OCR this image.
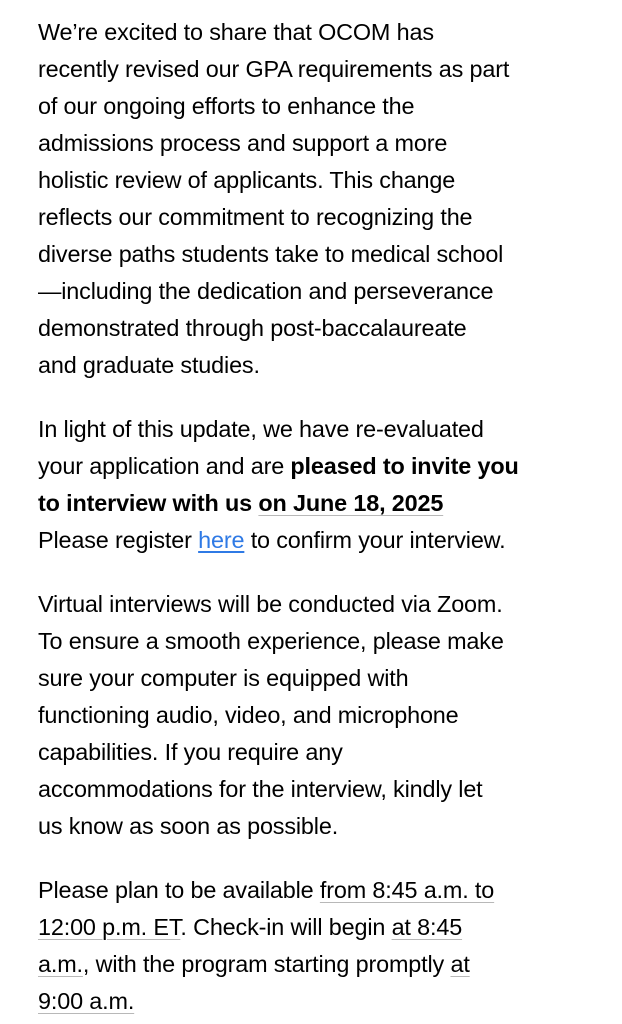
We’re excited to share that OCOM has
recently revised our GPA requirements as part
of our ongoing efforts to enhance the
admissions process and support a more
holistic review of applicants. This change
reflects our commitment to recognizing the
diverse paths students take to medical school
—including the dedication and perseverance
demonstrated through post-baccalaureate
and graduate studies.

In light of this update, we have re-evaluated
your application and are pleased to invite you
to interview with us on June 18, 2025
Please register here to confirm your interview.

Virtual interviews will be conducted via Zoom.
To ensure a smooth experience, please make
sure your computer is equipped with
functioning audio, video, and microphone
capabilities. If you require any
accommodations for the interview, kindly let
us know as soon as possible.

Please plan to be available from 8:45 a.m. to
12:00 p.m. ET. Check-in will begin at 8:45
a.m., with the program starting promptly at
9:00 a.m.
